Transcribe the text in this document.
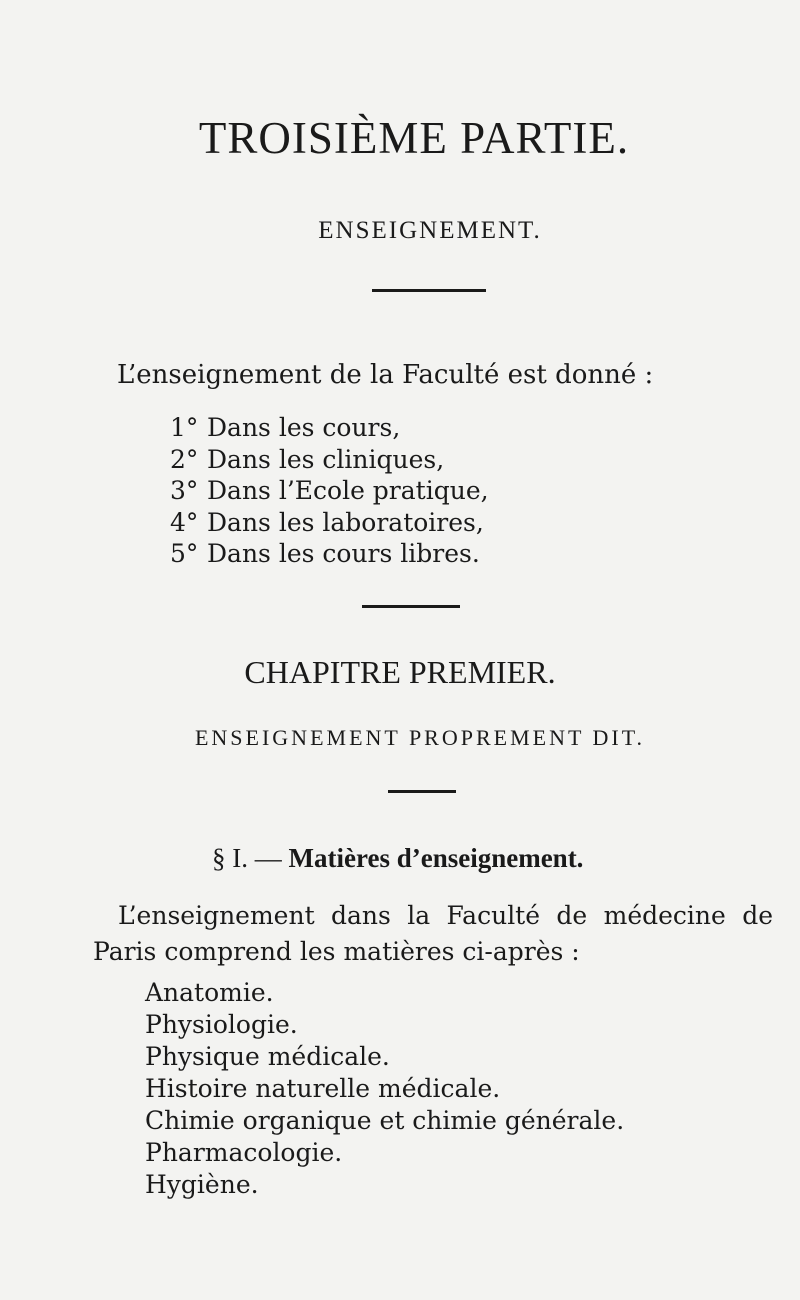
TROISIÈME PARTIE.
ENSEIGNEMENT.

L’enseignement de la Faculté est donné :

1° Dans les cours,
2° Dans les cliniques,
3° Dans l’Ecole pratique,
4° Dans les laboratoires,
5° Dans les cours libres.
CHAPITRE PREMIER.
ENSEIGNEMENT PROPREMENT DIT.
§ I. — Matières d’enseignement.

L’enseignement dans la Faculté de médecine de Paris comprend les matières ci-après :

Anatomie.
Physiologie.
Physique médicale.
Histoire naturelle médicale.
Chimie organique et chimie générale.
Pharmacologie.
Hygiène.
